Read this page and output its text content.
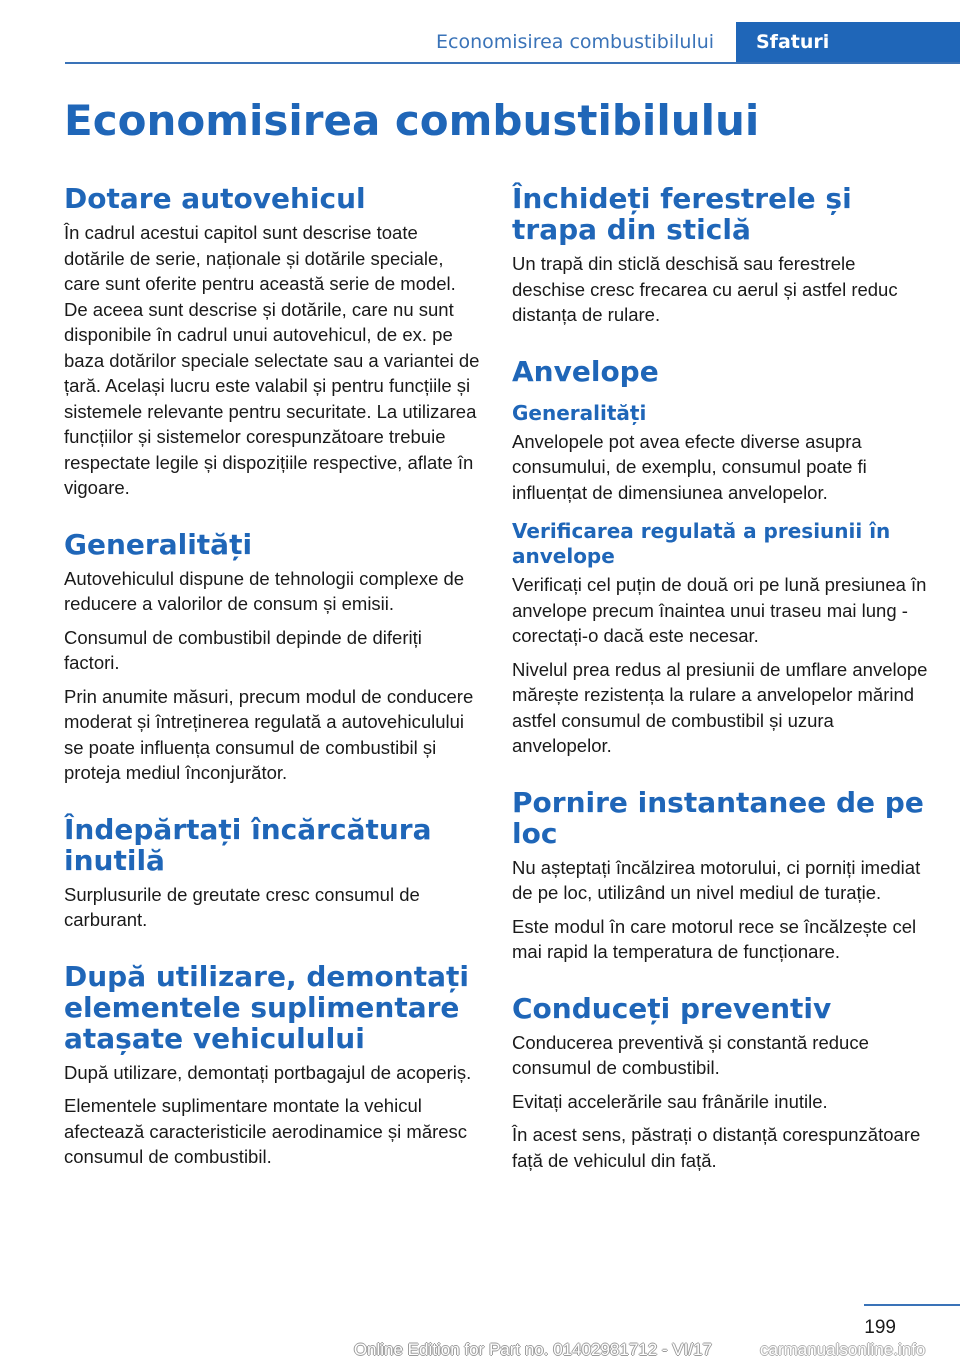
Economisirea combustibilului	Sfaturi
Economisirea combustibilului
Dotare autovehicul

În cadrul acestui capitol sunt descrise toate dotările de serie, naționale și dotările speciale, care sunt oferite pentru această serie de model. De aceea sunt descrise și dotările, care nu sunt disponibile în cadrul unui autovehicul, de ex. pe baza dotărilor speciale selectate sau a variantei de țară. Același lucru este valabil și pentru funcțiile și sistemele relevante pentru securitate. La utilizarea funcțiilor și sistemelor corespunzătoare trebuie respectate legile și dispozițiile respective, aflate în vigoare.

Generalități

Autovehiculul dispune de tehnologii complexe de reducere a valorilor de consum și emisii.

Consumul de combustibil depinde de diferiți factori.

Prin anumite măsuri, precum modul de conducere moderat și întreținerea regulată a autovehiculului se poate influența consumul de combustibil și proteja mediul înconjurător.

Îndepărtați încărcătura inutilă

Surplusurile de greutate cresc consumul de carburant.

După utilizare, demontați elementele suplimentare atașate vehiculului

După utilizare, demontați portbagajul de acoperiș.

Elementele suplimentare montate la vehicul afectează caracteristicile aerodinamice și măresc consumul de combustibil.

Închideți ferestrele și trapa din sticlă

Un trapă din sticlă deschisă sau ferestrele deschise cresc frecarea cu aerul și astfel reduc distanța de rulare.

Anvelope
Generalități

Anvelopele pot avea efecte diverse asupra consumului, de exemplu, consumul poate fi influențat de dimensiunea anvelopelor.

Verificarea regulată a presiunii în anvelope

Verificați cel puțin de două ori pe lună presiunea în anvelope precum înaintea unui traseu mai lung - corectați-o dacă este necesar.

Nivelul prea redus al presiunii de umflare anvelope mărește rezistența la rulare a anvelopelor mărind astfel consumul de combustibil și uzura anvelopelor.

Pornire instantanee de pe loc

Nu așteptați încălzirea motorului, ci porniți imediat de pe loc, utilizând un nivel mediul de turație.

Este modul în care motorul rece se încălzește cel mai rapid la temperatura de funcționare.

Conduceți preventiv

Conducerea preventivă și constantă reduce consumul de combustibil.

Evitați accelerările sau frânările inutile.

În acest sens, păstrați o distanță corespunzătoare față de vehiculul din față.

199
Online Edition for Part no. 01402981712 - VI/17	carmanualsonline.info
